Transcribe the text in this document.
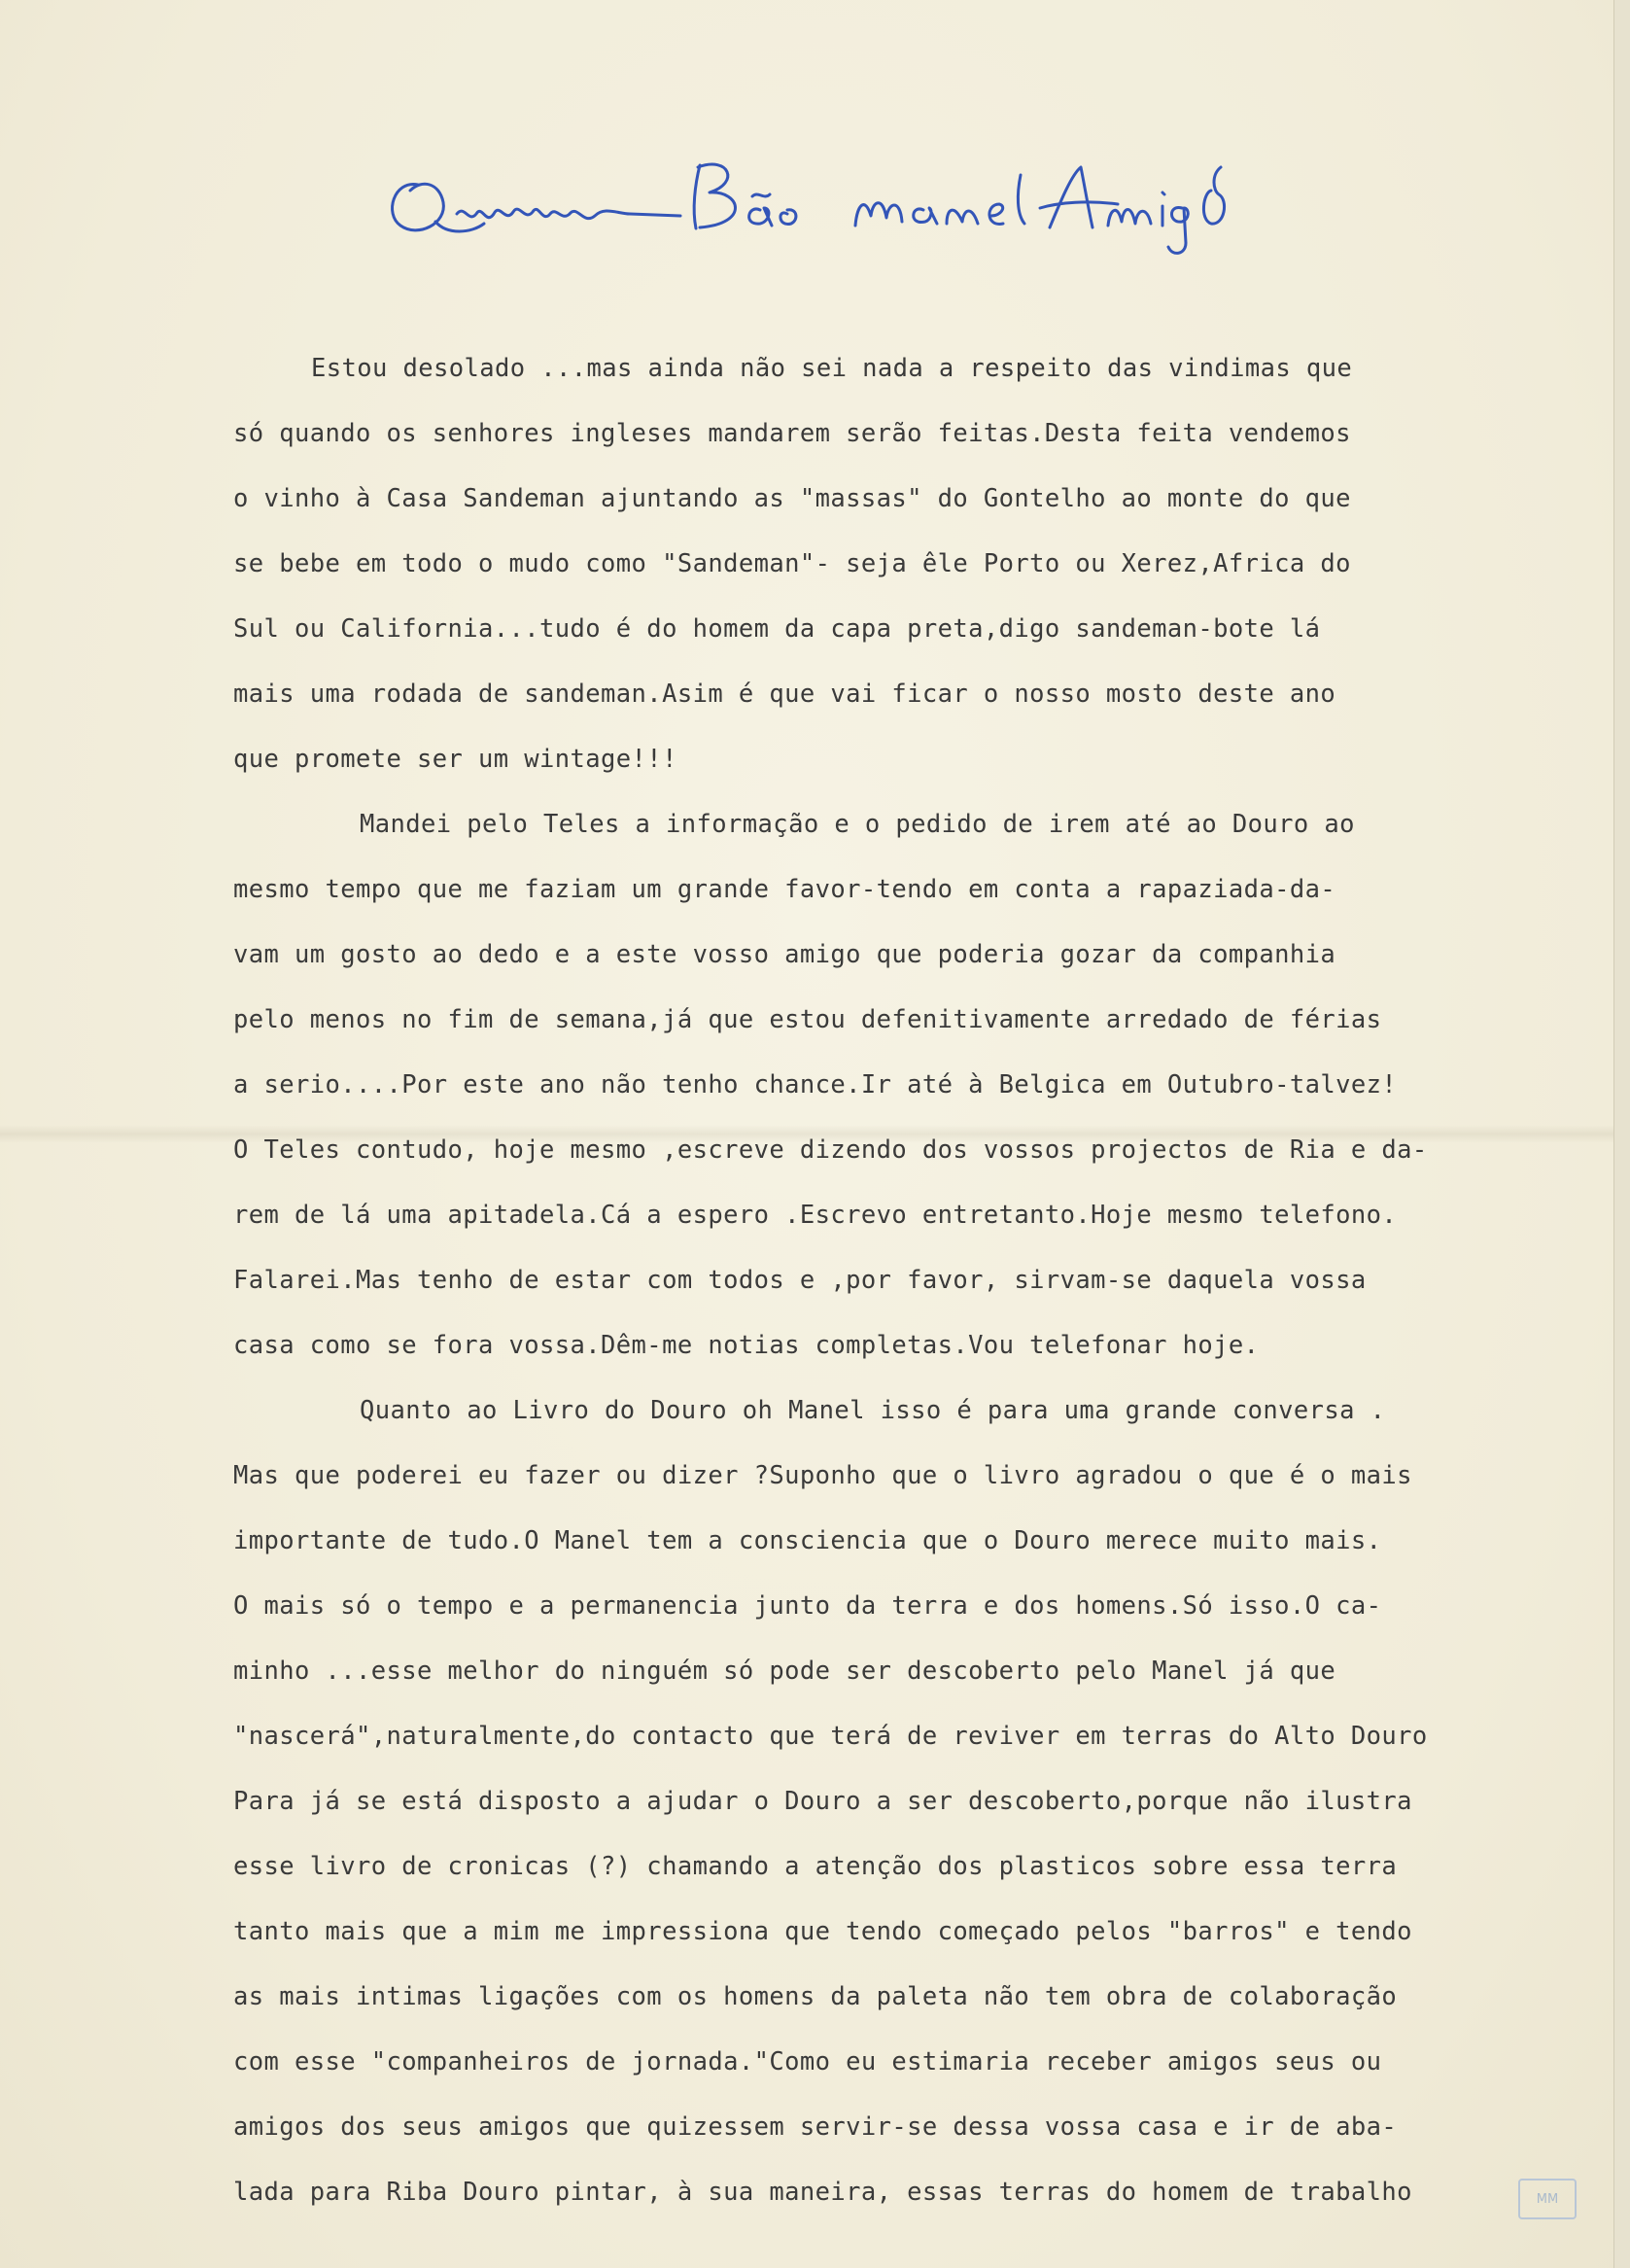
Estou desolado ...mas ainda não sei nada a respeito das vindimas que
só quando os senhores ingleses mandarem serão feitas.Desta feita vendemos
o vinho à Casa Sandeman ajuntando as "massas" do Gontelho ao monte do que
se bebe em todo o mudo como "Sandeman"- seja êle Porto ou Xerez,Africa do
Sul ou California...tudo é do homem da capa preta,digo sandeman-bote lá
mais uma rodada de sandeman.Asim é que vai ficar o nosso mosto deste ano
que promete ser um wintage!!!
Mandei pelo Teles a informação e o pedido de irem até ao Douro ao
mesmo tempo que me faziam um grande favor-tendo em conta a rapaziada-da-
vam um gosto ao dedo e a este vosso amigo que poderia gozar da companhia
pelo menos no fim de semana,já que estou defenitivamente arredado de férias
a serio....Por este ano não tenho chance.Ir até à Belgica em Outubro-talvez!
O Teles contudo, hoje mesmo ,escreve dizendo dos vossos projectos de Ria e da-
rem de lá uma apitadela.Cá a espero .Escrevo entretanto.Hoje mesmo telefono.
Falarei.Mas tenho de estar com todos e ,por favor, sirvam-se daquela vossa
casa como se fora vossa.Dêm-me notias completas.Vou telefonar hoje.
Quanto ao Livro do Douro oh Manel isso é para uma grande conversa .
Mas que poderei eu fazer ou dizer ?Suponho que o livro agradou o que é o mais
importante de tudo.O Manel tem a consciencia que o Douro merece muito mais.
O mais só o tempo e a permanencia junto da terra e dos homens.Só isso.O ca-
minho ...esse melhor do ninguém só pode ser descoberto pelo Manel já que
"nascerá",naturalmente,do contacto que terá de reviver em terras do Alto Douro
Para já se está disposto a ajudar o Douro a ser descoberto,porque não ilustra
esse livro de cronicas (?) chamando a atenção dos plasticos sobre essa terra
tanto mais que a mim me impressiona que tendo começado pelos "barros" e tendo
as mais intimas ligações com os homens da paleta não tem obra de colaboração
com esse "companheiros de jornada."Como eu estimaria receber amigos seus ou
amigos dos seus amigos que quizessem servir-se dessa vossa casa e ir de aba-
lada para Riba Douro pintar, à sua maneira, essas terras do homem de trabalho	MM
